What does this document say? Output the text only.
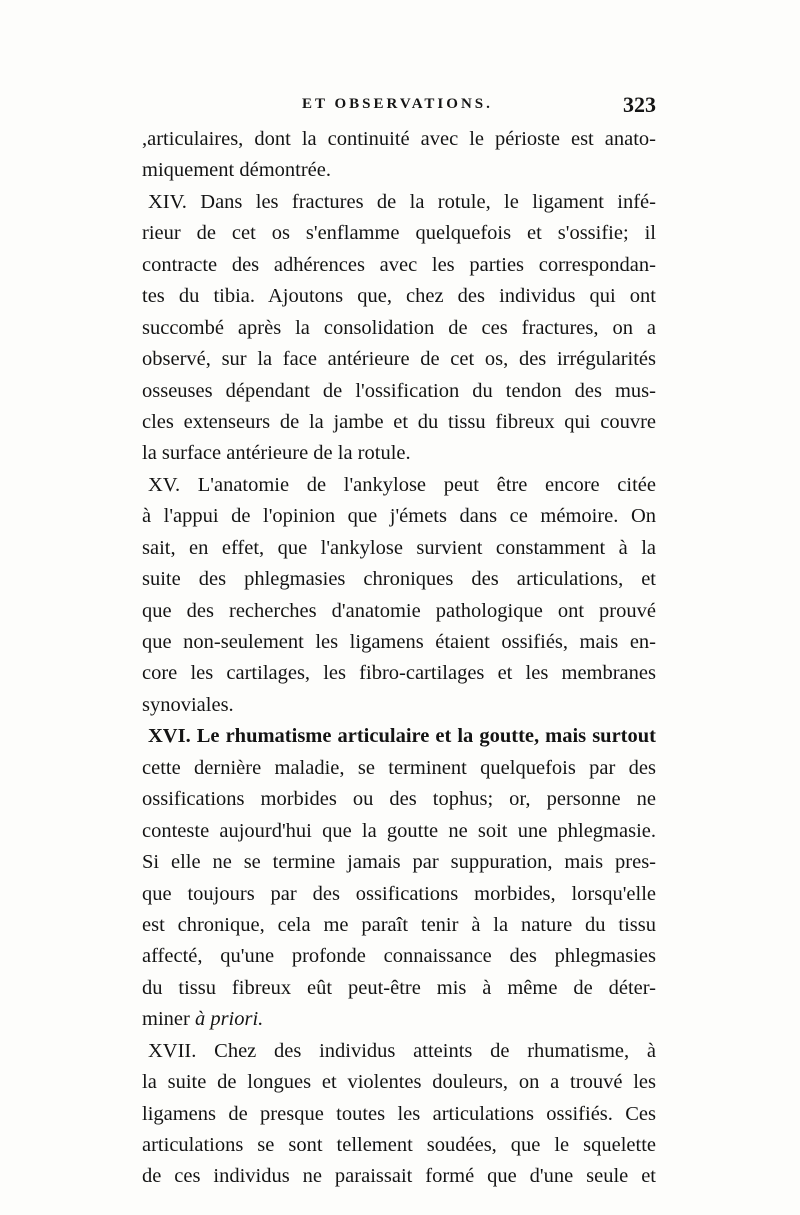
ET OBSERVATIONS.	323
,articulaires, dont la continuité avec le périoste est anato-
miquement démontrée.
XIV. Dans les fractures de la rotule, le ligament infé-
rieur de cet os s'enflamme quelquefois et s'ossifie; il
contracte des adhérences avec les parties correspondan-
tes du tibia. Ajoutons que, chez des individus qui ont
succombé après la consolidation de ces fractures, on a
observé, sur la face antérieure de cet os, des irrégularités
osseuses dépendant de l'ossification du tendon des mus-
cles extenseurs de la jambe et du tissu fibreux qui couvre
la surface antérieure de la rotule.
XV. L'anatomie de l'ankylose peut être encore citée
à l'appui de l'opinion que j'émets dans ce mémoire. On
sait, en effet, que l'ankylose survient constamment à la
suite des phlegmasies chroniques des articulations, et
que des recherches d'anatomie pathologique ont prouvé
que non-seulement les ligamens étaient ossifiés, mais en-
core les cartilages, les fibro-cartilages et les membranes
synoviales.
XVI. Le rhumatisme articulaire et la goutte, mais surtout
cette dernière maladie, se terminent quelquefois par des
ossifications morbides ou des tophus; or, personne ne
conteste aujourd'hui que la goutte ne soit une phlegmasie.
Si elle ne se termine jamais par suppuration, mais pres-
que toujours par des ossifications morbides, lorsqu'elle
est chronique, cela me paraît tenir à la nature du tissu
affecté, qu'une profonde connaissance des phlegmasies
du tissu fibreux eût peut-être mis à même de déter-
miner à priori.
XVII. Chez des individus atteints de rhumatisme, à
la suite de longues et violentes douleurs, on a trouvé les
ligamens de presque toutes les articulations ossifiés. Ces
articulations se sont tellement soudées, que le squelette
de ces individus ne paraissait formé que d'une seule et
